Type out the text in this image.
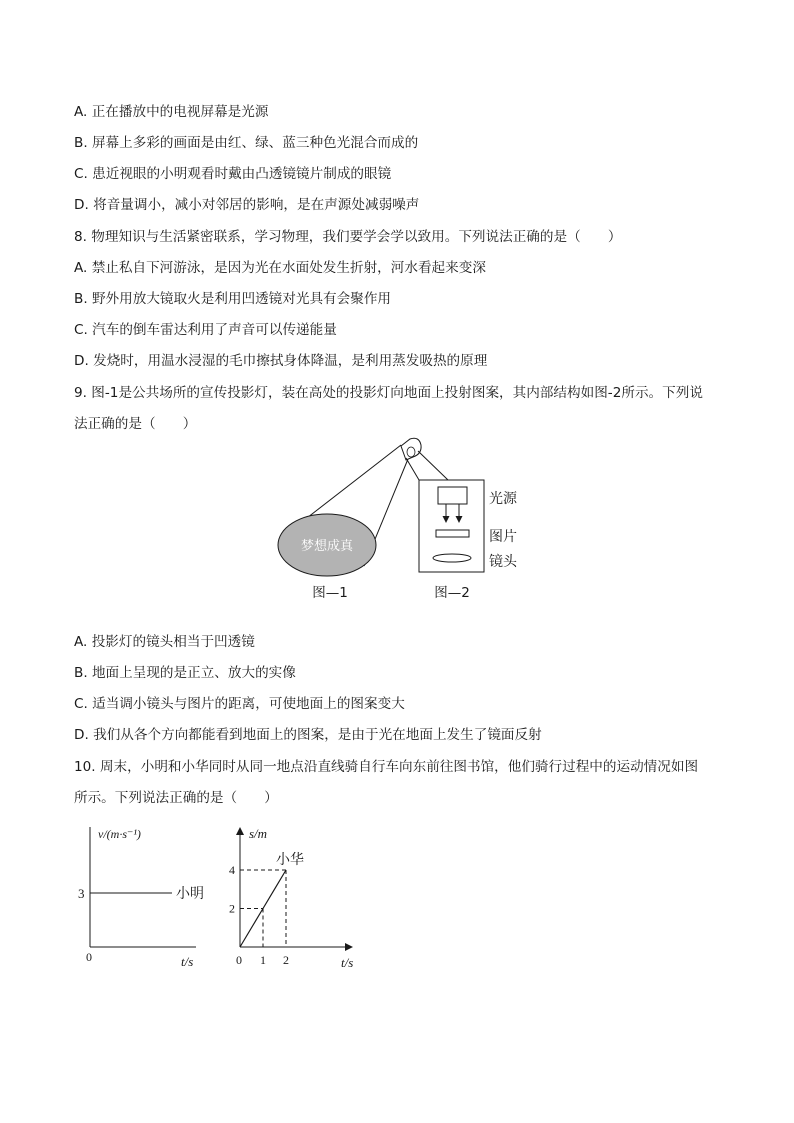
A. 正在播放中的电视屏幕是光源
B. 屏幕上多彩的画面是由红、绿、蓝三种色光混合而成的
C. 患近视眼的小明观看时戴由凸透镜镜片制成的眼镜
D. 将音量调小，减小对邻居的影响，是在声源处减弱噪声
8. 物理知识与生活紧密联系，学习物理，我们要学会学以致用。下列说法正确的是（　　）
A. 禁止私自下河游泳，是因为光在水面处发生折射，河水看起来变深
B. 野外用放大镜取火是利用凹透镜对光具有会聚作用
C. 汽车的倒车雷达利用了声音可以传递能量
D. 发烧时，用温水浸湿的毛巾擦拭身体降温，是利用蒸发吸热的原理
9. 图-1是公共场所的宣传投影灯，装在高处的投影灯向地面上投射图案，其内部结构如图-2所示。下列说
法正确的是（　　）
梦想成真
光源
图片
镜头
图—1	图—2
A. 投影灯的镜头相当于凹透镜
B. 地面上呈现的是正立、放大的实像
C. 适当调小镜头与图片的距离，可使地面上的图案变大
D. 我们从各个方向都能看到地面上的图案，是由于光在地面上发生了镜面反射
10. 周末，小明和小华同时从同一地点沿直线骑自行车向东前往图书馆，他们骑行过程中的运动情况如图
所示。下列说法正确的是（　　）
v/(m·s⁻¹)
t/s
0
3	小明
s/m
t/s
0 1 2
2
4
小华
